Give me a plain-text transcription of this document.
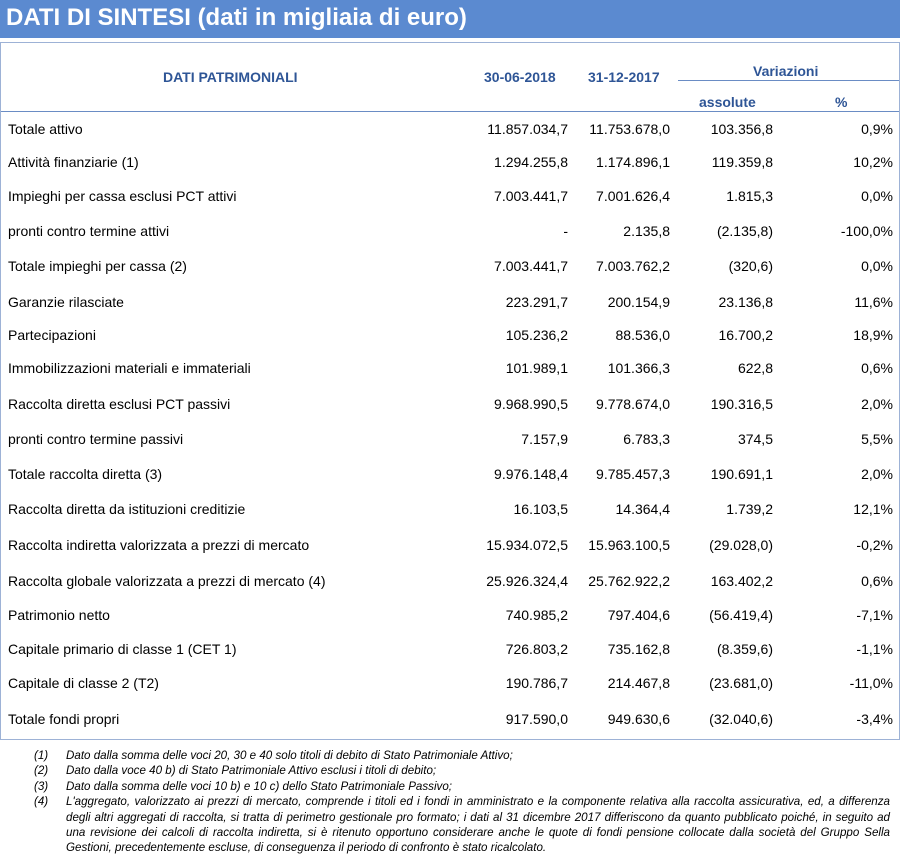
DATI DI SINTESI (dati in migliaia di euro)
DATI PATRIMONIALI	30-06-2018 31-12-2017	Variazioni
assolute	%
Totale attivo	11.857.034,7 11.753.678,0	103.356,8	0,9%
Attività finanziarie (1)	1.294.255,8 1.174.896,1	119.359,8	10,2%
Impieghi per cassa esclusi PCT attivi	7.003.441,7 7.001.626,4	1.815,3	0,0%
pronti contro termine attivi	-	2.135,8	(2.135,8)	-100,0%
Totale impieghi per cassa (2)	7.003.441,7 7.003.762,2	(320,6)	0,0%
Garanzie rilasciate	223.291,7	200.154,9	23.136,8	11,6%
Partecipazioni	105.236,2	88.536,0	16.700,2	18,9%
Immobilizzazioni materiali e immateriali	101.989,1	101.366,3	622,8	0,6%
Raccolta diretta esclusi PCT passivi	9.968.990,5 9.778.674,0	190.316,5	2,0%
pronti contro termine passivi	7.157,9	6.783,3	374,5	5,5%
Totale raccolta diretta (3)	9.976.148,4 9.785.457,3	190.691,1	2,0%
Raccolta diretta da istituzioni creditizie	16.103,5	14.364,4	1.739,2	12,1%
Raccolta indiretta valorizzata a prezzi di mercato	15.934.072,5 15.963.100,5	(29.028,0)	-0,2%
Raccolta globale valorizzata a prezzi di mercato (4)	25.926.324,4 25.762.922,2	163.402,2	0,6%
Patrimonio netto	740.985,2	797.404,6	(56.419,4)	-7,1%
Capitale primario di classe 1 (CET 1)	726.803,2	735.162,8	(8.359,6)	-1,1%
Capitale di classe 2 (T2)	190.786,7	214.467,8	(23.681,0)	-11,0%
Totale fondi propri	917.590,0	949.630,6	(32.040,6)	-3,4%
(1) Dato dalla somma delle voci 20, 30 e 40 solo titoli di debito di Stato Patrimoniale Attivo;
(2) Dato dalla voce 40 b) di Stato Patrimoniale Attivo esclusi i titoli di debito;
(3) Dato dalla somma delle voci 10 b) e 10 c) dello Stato Patrimoniale Passivo;
(4) L'aggregato, valorizzato ai prezzi di mercato, comprende i titoli ed i fondi in amministrato e la componente relativa alla raccolta assicurativa, ed, a differenza degli altri aggregati di raccolta, si tratta di perimetro gestionale pro formato; i dati al 31 dicembre 2017 differiscono da quanto pubblicato poiché, in seguito ad una revisione dei calcoli di raccolta indiretta, si è ritenuto opportuno considerare anche le quote di fondi pensione collocate dalla società del Gruppo Sella Gestioni, precedentemente escluse, di conseguenza il periodo di confronto è stato ricalcolato.
